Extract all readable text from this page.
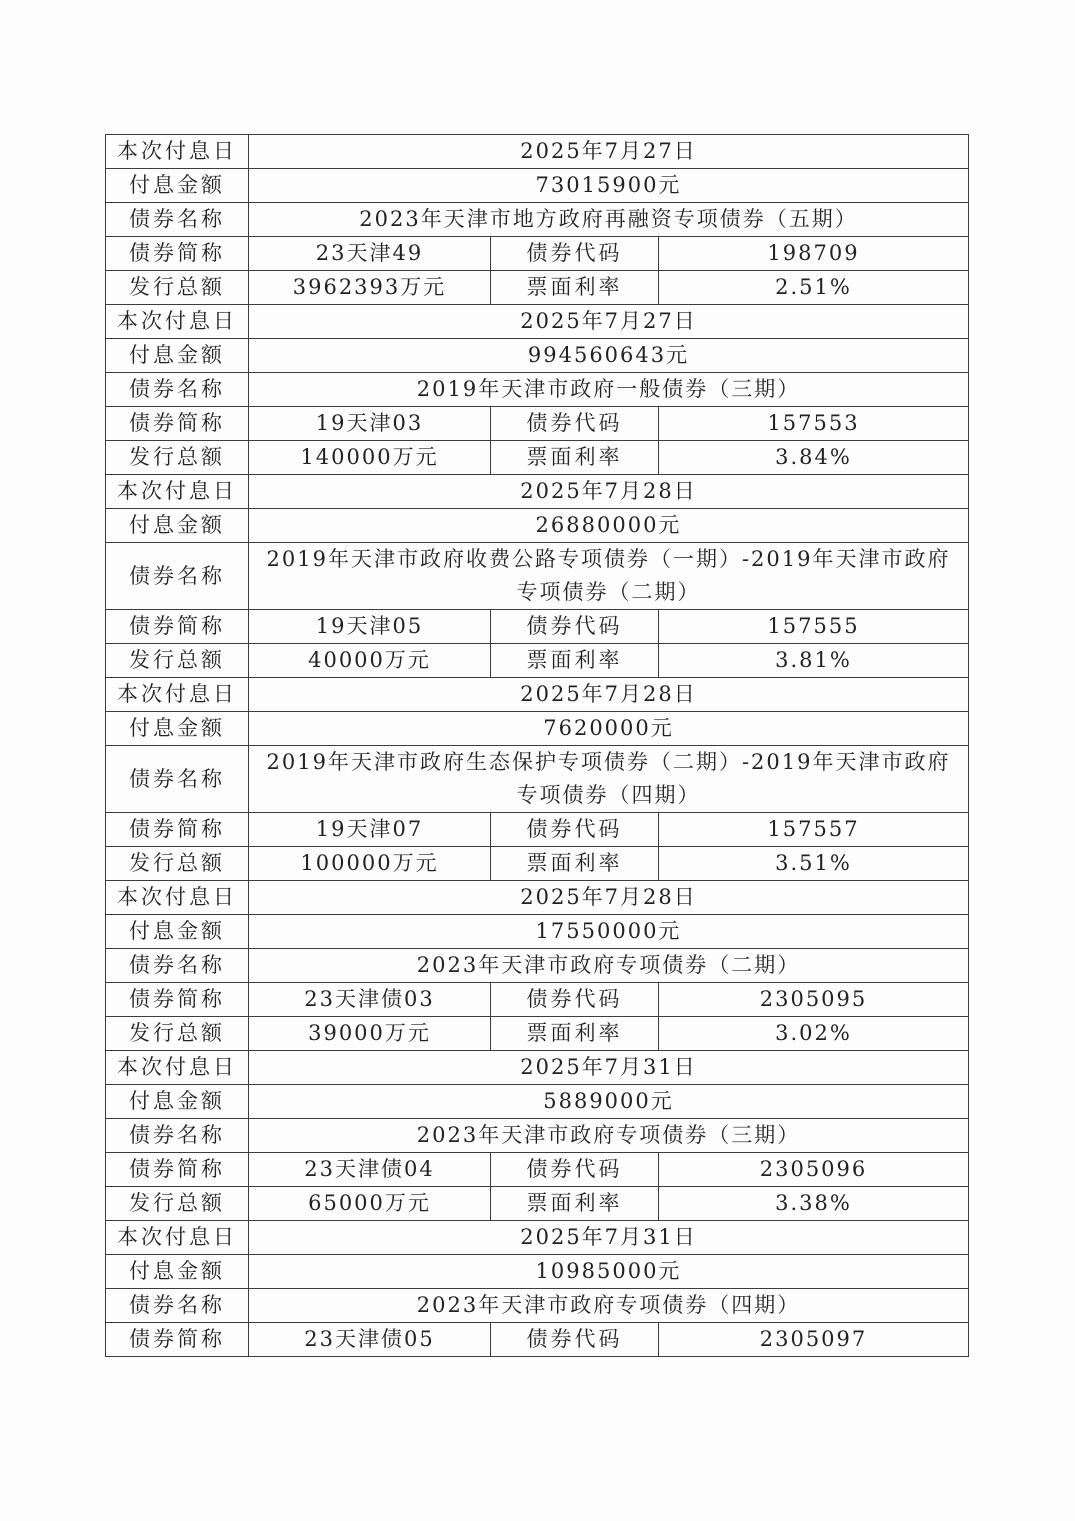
本次付息日	2025年7月27日		
付息金额	73015900元		
债券名称	2023年天津市地方政府再融资专项债券（五期）		
债券简称	23天津49	债券代码	198709
发行总额	3962393万元	票面利率	2.51%
本次付息日	2025年7月27日		
付息金额	994560643元		
债券名称	2019年天津市政府一般债券（三期）		
债券简称	19天津03	债券代码	157553
发行总额	140000万元	票面利率	3.84%
本次付息日	2025年7月28日		
付息金额	26880000元		
债券名称	2019年天津市政府收费公路专项债券（一期）-2019年天津市政府专项债券（二期）		
债券简称	19天津05	债券代码	157555
发行总额	40000万元	票面利率	3.81%
本次付息日	2025年7月28日		
付息金额	7620000元		
债券名称	2019年天津市政府生态保护专项债券（二期）-2019年天津市政府专项债券（四期）		
债券简称	19天津07	债券代码	157557
发行总额	100000万元	票面利率	3.51%
本次付息日	2025年7月28日		
付息金额	17550000元		
债券名称	2023年天津市政府专项债券（二期）		
债券简称	23天津债03	债券代码	2305095
发行总额	39000万元	票面利率	3.02%
本次付息日	2025年7月31日		
付息金额	5889000元		
债券名称	2023年天津市政府专项债券（三期）		
债券简称	23天津债04	债券代码	2305096
发行总额	65000万元	票面利率	3.38%
本次付息日	2025年7月31日		
付息金额	10985000元		
债券名称	2023年天津市政府专项债券（四期）		
债券简称	23天津债05	债券代码	2305097
